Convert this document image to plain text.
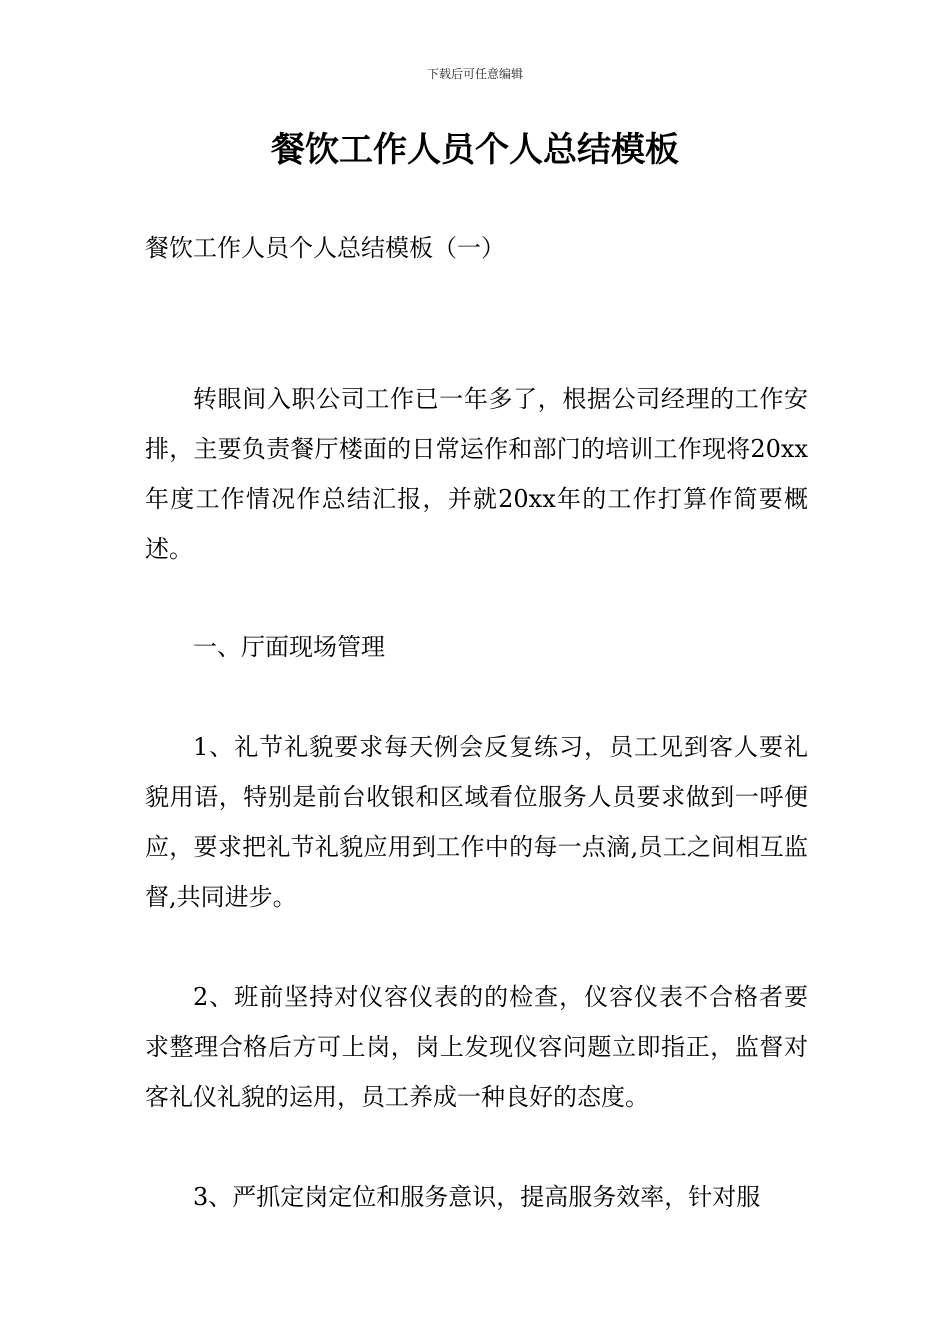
下载后可任意编辑
餐饮工作人员个人总结模板
餐饮工作人员个人总结模板（一）

转眼间入职公司工作已一年多了，根据公司经理的工作安排，主要负责餐厅楼面的日常运作和部门的培训工作现将20xx年度工作情况作总结汇报，并就20xx年的工作打算作简要概述。

一、厅面现场管理

1、礼节礼貌要求每天例会反复练习，员工见到客人要礼貌用语，特别是前台收银和区域看位服务人员要求做到一呼便应，要求把礼节礼貌应用到工作中的每一点滴,员工之间相互监督,共同进步。

2、班前坚持对仪容仪表的的检查，仪容仪表不合格者要求整理合格后方可上岗，岗上发现仪容问题立即指正，监督对客礼仪礼貌的运用，员工养成一种良好的态度。

3、严抓定岗定位和服务意识，提高服务效率，针对服
